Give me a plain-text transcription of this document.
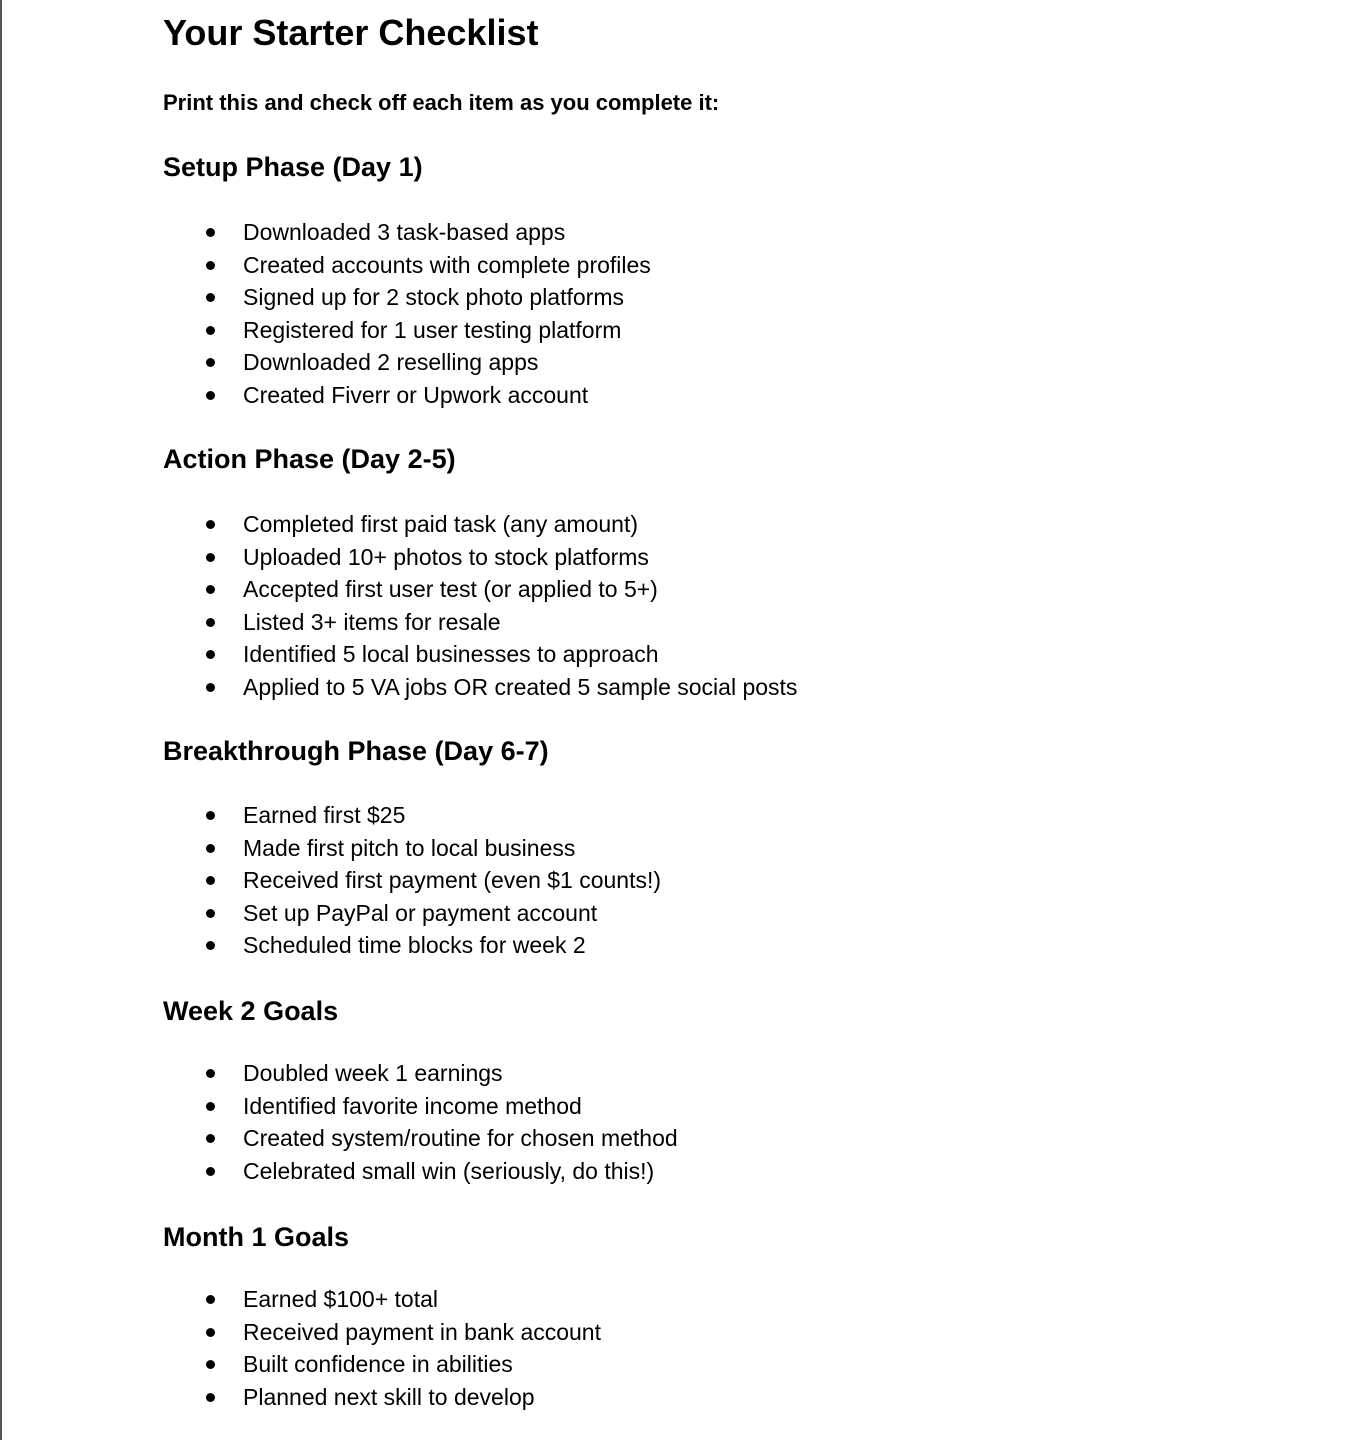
Your Starter Checklist

Print this and check off each item as you complete it:

Setup Phase (Day 1)
Downloaded 3 task-based apps
Created accounts with complete profiles
Signed up for 2 stock photo platforms
Registered for 1 user testing platform
Downloaded 2 reselling apps
Created Fiverr or Upwork account
Action Phase (Day 2-5)
Completed first paid task (any amount)
Uploaded 10+ photos to stock platforms
Accepted first user test (or applied to 5+)
Listed 3+ items for resale
Identified 5 local businesses to approach
Applied to 5 VA jobs OR created 5 sample social posts
Breakthrough Phase (Day 6-7)
Earned first $25
Made first pitch to local business
Received first payment (even $1 counts!)
Set up PayPal or payment account
Scheduled time blocks for week 2
Week 2 Goals
Doubled week 1 earnings
Identified favorite income method
Created system/routine for chosen method
Celebrated small win (seriously, do this!)
Month 1 Goals
Earned $100+ total
Received payment in bank account
Built confidence in abilities
Planned next skill to develop
